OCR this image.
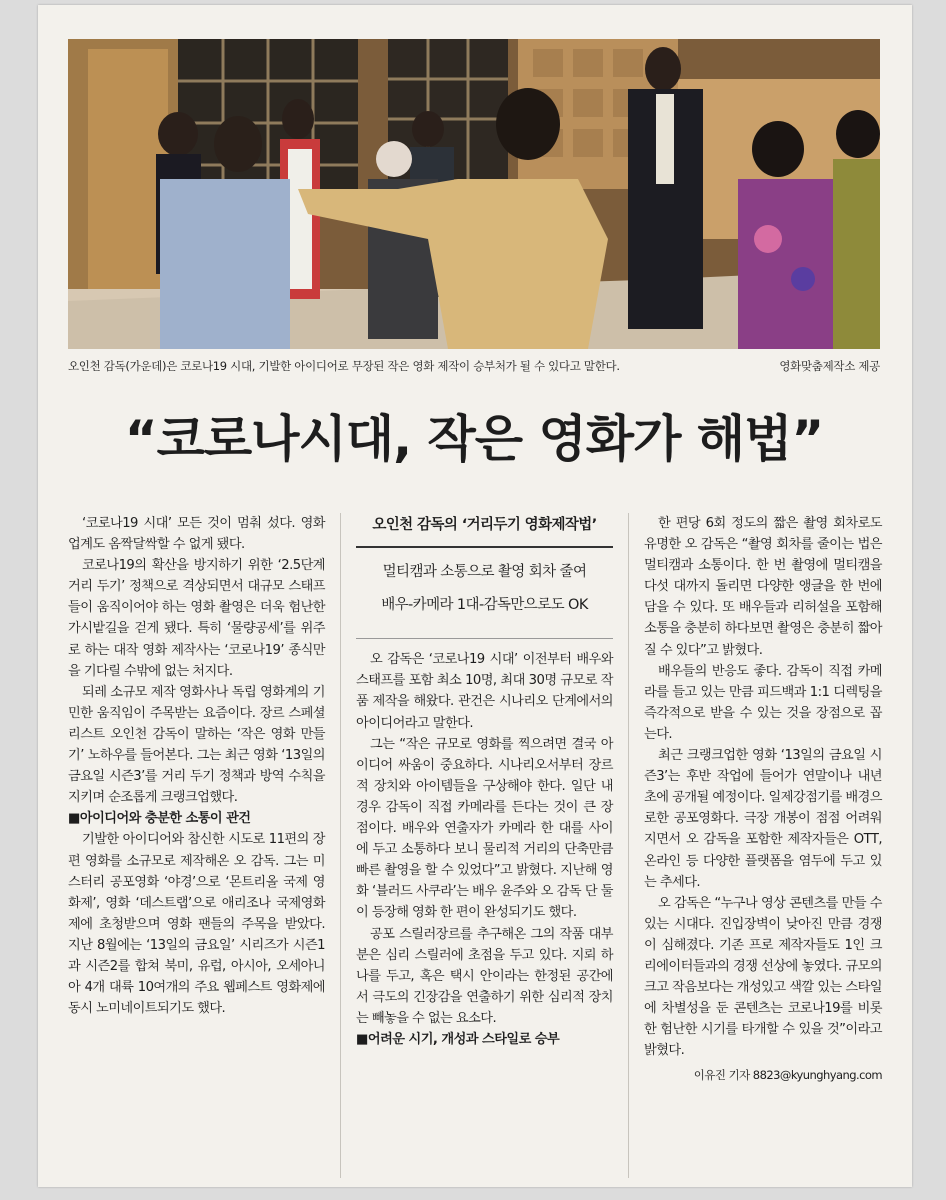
오인천 감독(가운데)은 코로나19 시대, 기발한 아이디어로 무장된 작은 영화 제작이 승부처가 될 수 있다고 말한다.	영화맞춤제작소 제공
“코로나시대, 작은 영화가 해법”

‘코로나19 시대’ 모든 것이 멈춰 섰다. 영화 업계도 옴짝달싹할 수 없게 됐다.

코로나19의 확산을 방지하기 위한 ‘2.5단계 거리 두기’ 정책으로 격상되면서 대규모 스태프들이 움직이어야 하는 영화 촬영은 더욱 험난한 가시밭길을 걷게 됐다. 특히 ‘물량공세’를 위주로 하는 대작 영화 제작사는 ‘코로나19’ 종식만을 기다릴 수밖에 없는 처지다.

되레 소규모 제작 영화사나 독립 영화계의 기민한 움직임이 주목받는 요즘이다. 장르 스페셜리스트 오인천 감독이 말하는 ‘작은 영화 만들기’ 노하우를 들어본다. 그는 최근 영화 ‘13일의 금요일 시즌3’를 거리 두기 정책과 방역 수칙을 지키며 순조롭게 크랭크업했다.

■아이디어와 충분한 소통이 관건

기발한 아이디어와 참신한 시도로 11편의 장편 영화를 소규모로 제작해온 오 감독. 그는 미스터리 공포영화 ‘야경’으로 ‘몬트리올 국제 영화제’, 영화 ‘데스트랩’으로 애리조나 국제영화제에 초청받으며 영화 팬들의 주목을 받았다. 지난 8월에는 ‘13일의 금요일’ 시리즈가 시즌1과 시즌2를 합쳐 북미, 유럽, 아시아, 오세아니아 4개 대륙 10여개의 주요 웹페스트 영화제에 동시 노미네이트되기도 했다.

오인천 감독의 ‘거리두기 영화제작법’
멀티캠과 소통으로 촬영 회차 줄여
배우-카메라 1대-감독만으로도 OK

오 감독은 ‘코로나19 시대’ 이전부터 배우와 스태프를 포함 최소 10명, 최대 30명 규모로 작품 제작을 해왔다. 관건은 시나리오 단계에서의 아이디어라고 말한다.

그는 “작은 규모로 영화를 찍으려면 결국 아이디어 싸움이 중요하다. 시나리오서부터 장르적 장치와 아이템들을 구상해야 한다. 일단 내 경우 감독이 직접 카메라를 든다는 것이 큰 장점이다. 배우와 연출자가 카메라 한 대를 사이에 두고 소통하다 보니 물리적 거리의 단축만큼 빠른 촬영을 할 수 있었다”고 밝혔다. 지난해 영화 ‘블러드 사쿠라’는 배우 윤주와 오 감독 단 둘이 등장해 영화 한 편이 완성되기도 했다.

공포 스릴러장르를 추구해온 그의 작품 대부분은 심리 스릴러에 초점을 두고 있다. 지뢰 하나를 두고, 혹은 택시 안이라는 한정된 공간에서 극도의 긴장감을 연출하기 위한 심리적 장치는 빼놓을 수 없는 요소다.

■어려운 시기, 개성과 스타일로 승부

한 편당 6회 정도의 짧은 촬영 회차로도 유명한 오 감독은 “촬영 회차를 줄이는 법은 멀티캠과 소통이다. 한 번 촬영에 멀티캠을 다섯 대까지 돌리면 다양한 앵글을 한 번에 담을 수 있다. 또 배우들과 리허설을 포함해 소통을 충분히 하다보면 촬영은 충분히 짧아질 수 있다”고 밝혔다.

배우들의 반응도 좋다. 감독이 직접 카메라를 들고 있는 만큼 피드백과 1:1 디렉팅을 즉각적으로 받을 수 있는 것을 장점으로 꼽는다.

최근 크랭크업한 영화 ‘13일의 금요일 시즌3’는 후반 작업에 들어가 연말이나 내년 초에 공개될 예정이다. 일제강점기를 배경으로한 공포영화다. 극장 개봉이 점점 어려워지면서 오 감독을 포함한 제작자들은 OTT, 온라인 등 다양한 플랫폼을 염두에 두고 있는 추세다.

오 감독은 “누구나 영상 콘텐츠를 만들 수 있는 시대다. 진입장벽이 낮아진 만큼 경쟁이 심해졌다. 기존 프로 제작자들도 1인 크리에이터들과의 경쟁 선상에 놓였다. 규모의 크고 작음보다는 개성있고 색깔 있는 스타일에 차별성을 둔 콘텐츠는 코로나19를 비롯한 험난한 시기를 타개할 수 있을 것”이라고 밝혔다.

이유진 기자 8823@kyunghyang.com
